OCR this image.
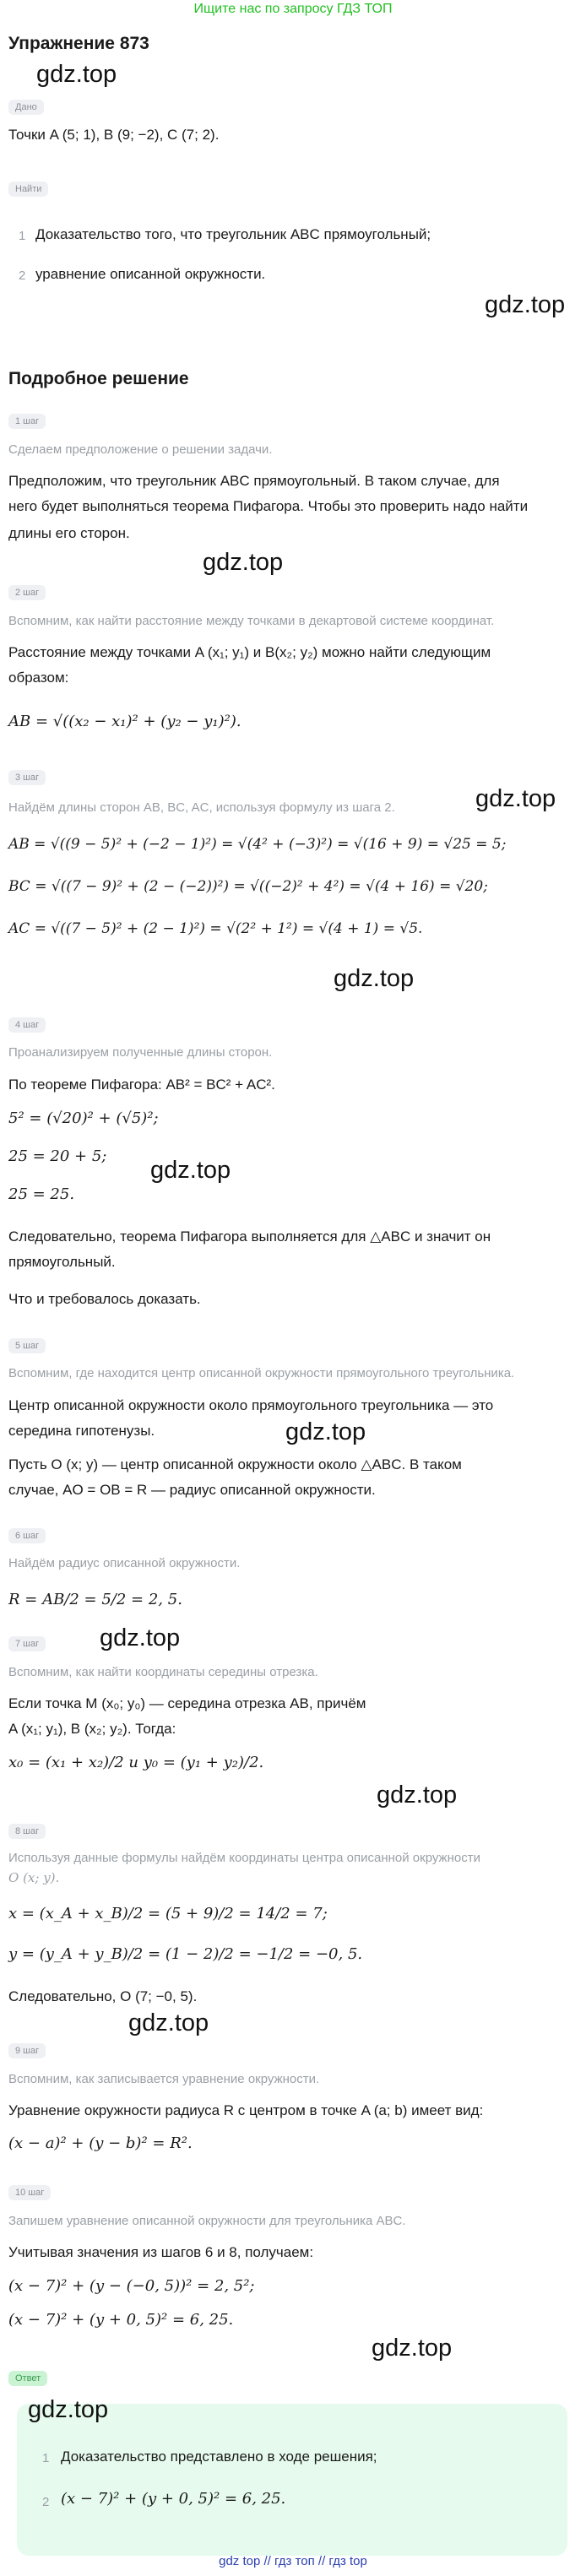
Ищите нас по запросу ГДЗ ТОП
Упражнение 873
gdz.top
Дано
Точки A (5; 1), B (9; −2), C (7; 2).
Найти
1 Доказательство того, что треугольник ABC прямоугольный;
2 уравнение описанной окружности.
gdz.top
Подробное решение
1 шаг
Сделаем предположение о решении задачи.
Предположим, что треугольник ABC прямоугольный. В таком случае, для
него будет выполняться теорема Пифагора. Чтобы это проверить надо найти
длины его сторон.
gdz.top
2 шаг
Вспомним, как найти расстояние между точками в декартовой системе координат.
Расстояние между точками A (x₁; y₁) и B(x₂; y₂) можно найти следующим
образом:
AB = √((x₂ − x₁)² + (y₂ − y₁)²).
3 шаг
gdz.top
Найдём длины сторон AB, BC, AC, используя формулу из шага 2.
AB = √((9 − 5)² + (−2 − 1)²) = √(4² + (−3)²) = √(16 + 9) = √25 = 5;
BC = √((7 − 9)² + (2 − (−2))²) = √((−2)² + 4²) = √(4 + 16) = √20;
AC = √((7 − 5)² + (2 − 1)²) = √(2² + 1²) = √(4 + 1) = √5.
gdz.top
4 шаг
Проанализируем полученные длины сторон.
По теореме Пифагора: AB² = BC² + AC².
5² = (√20)² + (√5)²;
25 = 20 + 5;
gdz.top
25 = 25.
Следовательно, теорема Пифагора выполняется для △ABC и значит он
прямоугольный.
Что и требовалось доказать.
5 шаг
Вспомним, где находится центр описанной окружности прямоугольного треугольника.
Центр описанной окружности около прямоугольного треугольника — это
середина гипотенузы.	gdz.top
Пусть O (x; y) — центр описанной окружности около △ABC. В таком
случае, AO = OB = R — радиус описанной окружности.
6 шаг
Найдём радиус описанной окружности.
R = AB/2 = 5/2 = 2, 5.
7 шаг gdz.top
Вспомним, как найти координаты середины отрезка.
Если точка M (x₀; y₀) — середина отрезка AB, причём
A (x₁; y₁), B (x₂; y₂). Тогда:
x₀ = (x₁ + x₂)/2 и y₀ = (y₁ + y₂)/2.
gdz.top
8 шаг
Используя данные формулы найдём координаты центра описанной окружности
O (x; y).
x = (x_A + x_B)/2 = (5 + 9)/2 = 14/2 = 7;
y = (y_A + y_B)/2 = (1 − 2)/2 = −1/2 = −0, 5.
Следовательно, O (7; −0, 5).
gdz.top
9 шаг
Вспомним, как записывается уравнение окружности.
Уравнение окружности радиуса R с центром в точке A (a; b) имеет вид:
(x − a)² + (y − b)² = R².
10 шаг
Запишем уравнение описанной окружности для треугольника ABC.
Учитывая значения из шагов 6 и 8, получаем:
(x − 7)² + (y − (−0, 5))² = 2, 5²;
(x − 7)² + (y + 0, 5)² = 6, 25.
gdz.top
Ответ
gdz.top
1 Доказательство представлено в ходе решения;
2 (x − 7)² + (y + 0, 5)² = 6, 25.
gdz top // гдз топ // гдз top
